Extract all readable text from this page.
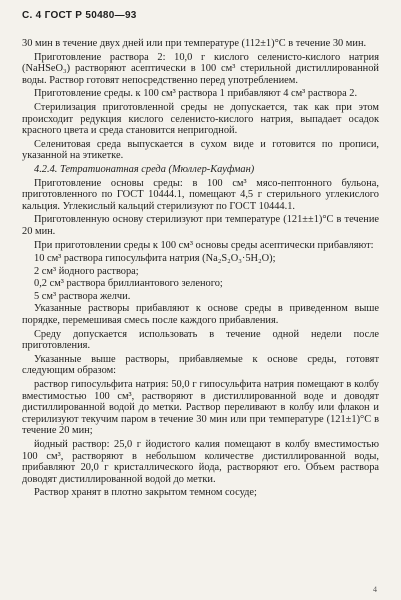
С. 4 ГОСТ Р 50480—93

30 мин в течение двух дней или при температуре (112±1)°С в течение 30 мин.

Приготовление раствора 2: 10,0 г кислого селенисто-кислого натрия (NaHSeO₃) растворяют асептически в 100 см³ стерильной дистиллированной воды. Раствор готовят непосредственно перед употреблением.

Приготовление среды. к 100 см³ раствора 1 прибавляют 4 см³ раствора 2.

Стерилизация приготовленной среды не допускается, так как при этом происходит редукция кислого селенисто-кислого натрия, выпадает осадок красного цвета и среда становится непригодной.

Селенитовая среда выпускается в сухом виде и готовится по прописи, указанной на этикетке.

4.2.4. Тетратионатная среда (Мюллер-Кауфман)

Приготовление основы среды: в 100 см³ мясо-пептонного бульона, приготовленного по ГОСТ 10444.1, помещают 4,5 г стерильного углекислого кальция. Углекислый кальций стерилизуют по ГОСТ 10444.1.

Приготовленную основу стерилизуют при температуре (121±±1)°С в течение 20 мин.

При приготовлении среды к 100 см³ основы среды асептически прибавляют:

10 см³ раствора гипосульфита натрия (Na₂S₂O₃·5H₂O);

2 см³ йодного раствора;

0,2 см³ раствора бриллиантового зеленого;

5 см³ раствора желчи.

Указанные растворы прибавляют к основе среды в приведенном выше порядке, перемешивая смесь после каждого прибавления.

Среду допускается использовать в течение одной недели после приготовления.

Указанные выше растворы, прибавляемые к основе среды, готовят следующим образом:

раствор гипосульфита натрия: 50,0 г гипосульфита натрия помещают в колбу вместимостью 100 см³, растворяют в дистиллированной воде и доводят дистиллированной водой до метки. Раствор переливают в колбу или флакон и стерилизуют текучим паром в течение 30 мин или при температуре (121±1)°С в течение 20 мин;

йодный раствор: 25,0 г йодистого калия помещают в колбу вместимостью 100 см³, растворяют в небольшом количестве дистиллированной воды, прибавляют 20,0 г кристаллического йода, растворяют его. Объем раствора доводят дистиллированной водой до метки.

Раствор хранят в плотно закрытом темном сосуде;

4
